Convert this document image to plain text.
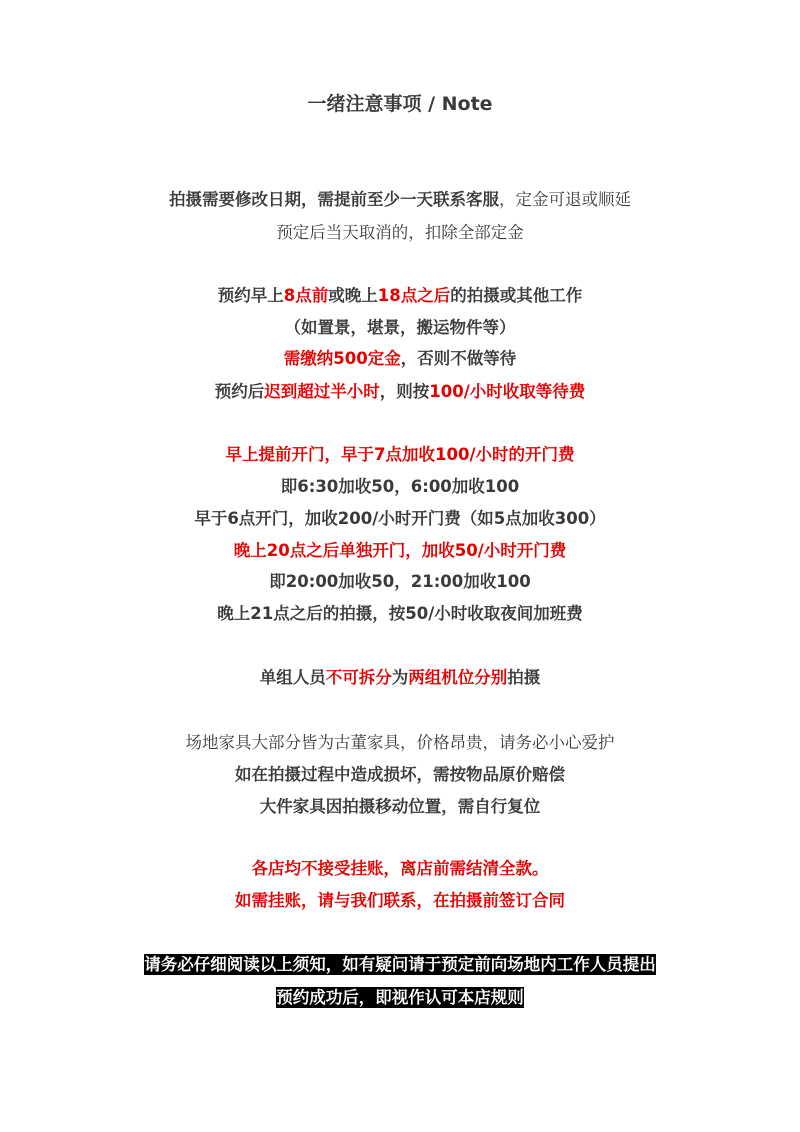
一绪注意事项 / Note
拍摄需要修改日期，需提前至少一天联系客服，定金可退或顺延
预定后当天取消的，扣除全部定金
预约早上8点前或晚上18点之后的拍摄或其他工作
（如置景，堪景，搬运物件等）
需缴纳500定金，否则不做等待
预约后迟到超过半小时，则按100/小时收取等待费
早上提前开门，早于7点加收100/小时的开门费
即6:30加收50，6:00加收100
早于6点开门，加收200/小时开门费（如5点加收300）
晚上20点之后单独开门，加收50/小时开门费
即20:00加收50，21:00加收100
晚上21点之后的拍摄，按50/小时收取夜间加班费
单组人员不可拆分为两组机位分别拍摄
场地家具大部分皆为古董家具，价格昂贵，请务必小心爱护
如在拍摄过程中造成损坏，需按物品原价赔偿
大件家具因拍摄移动位置，需自行复位
各店均不接受挂账，离店前需结清全款。
如需挂账，请与我们联系，在拍摄前签订合同
请务必仔细阅读以上须知，如有疑问请于预定前向场地内工作人员提出
预约成功后，即视作认可本店规则
